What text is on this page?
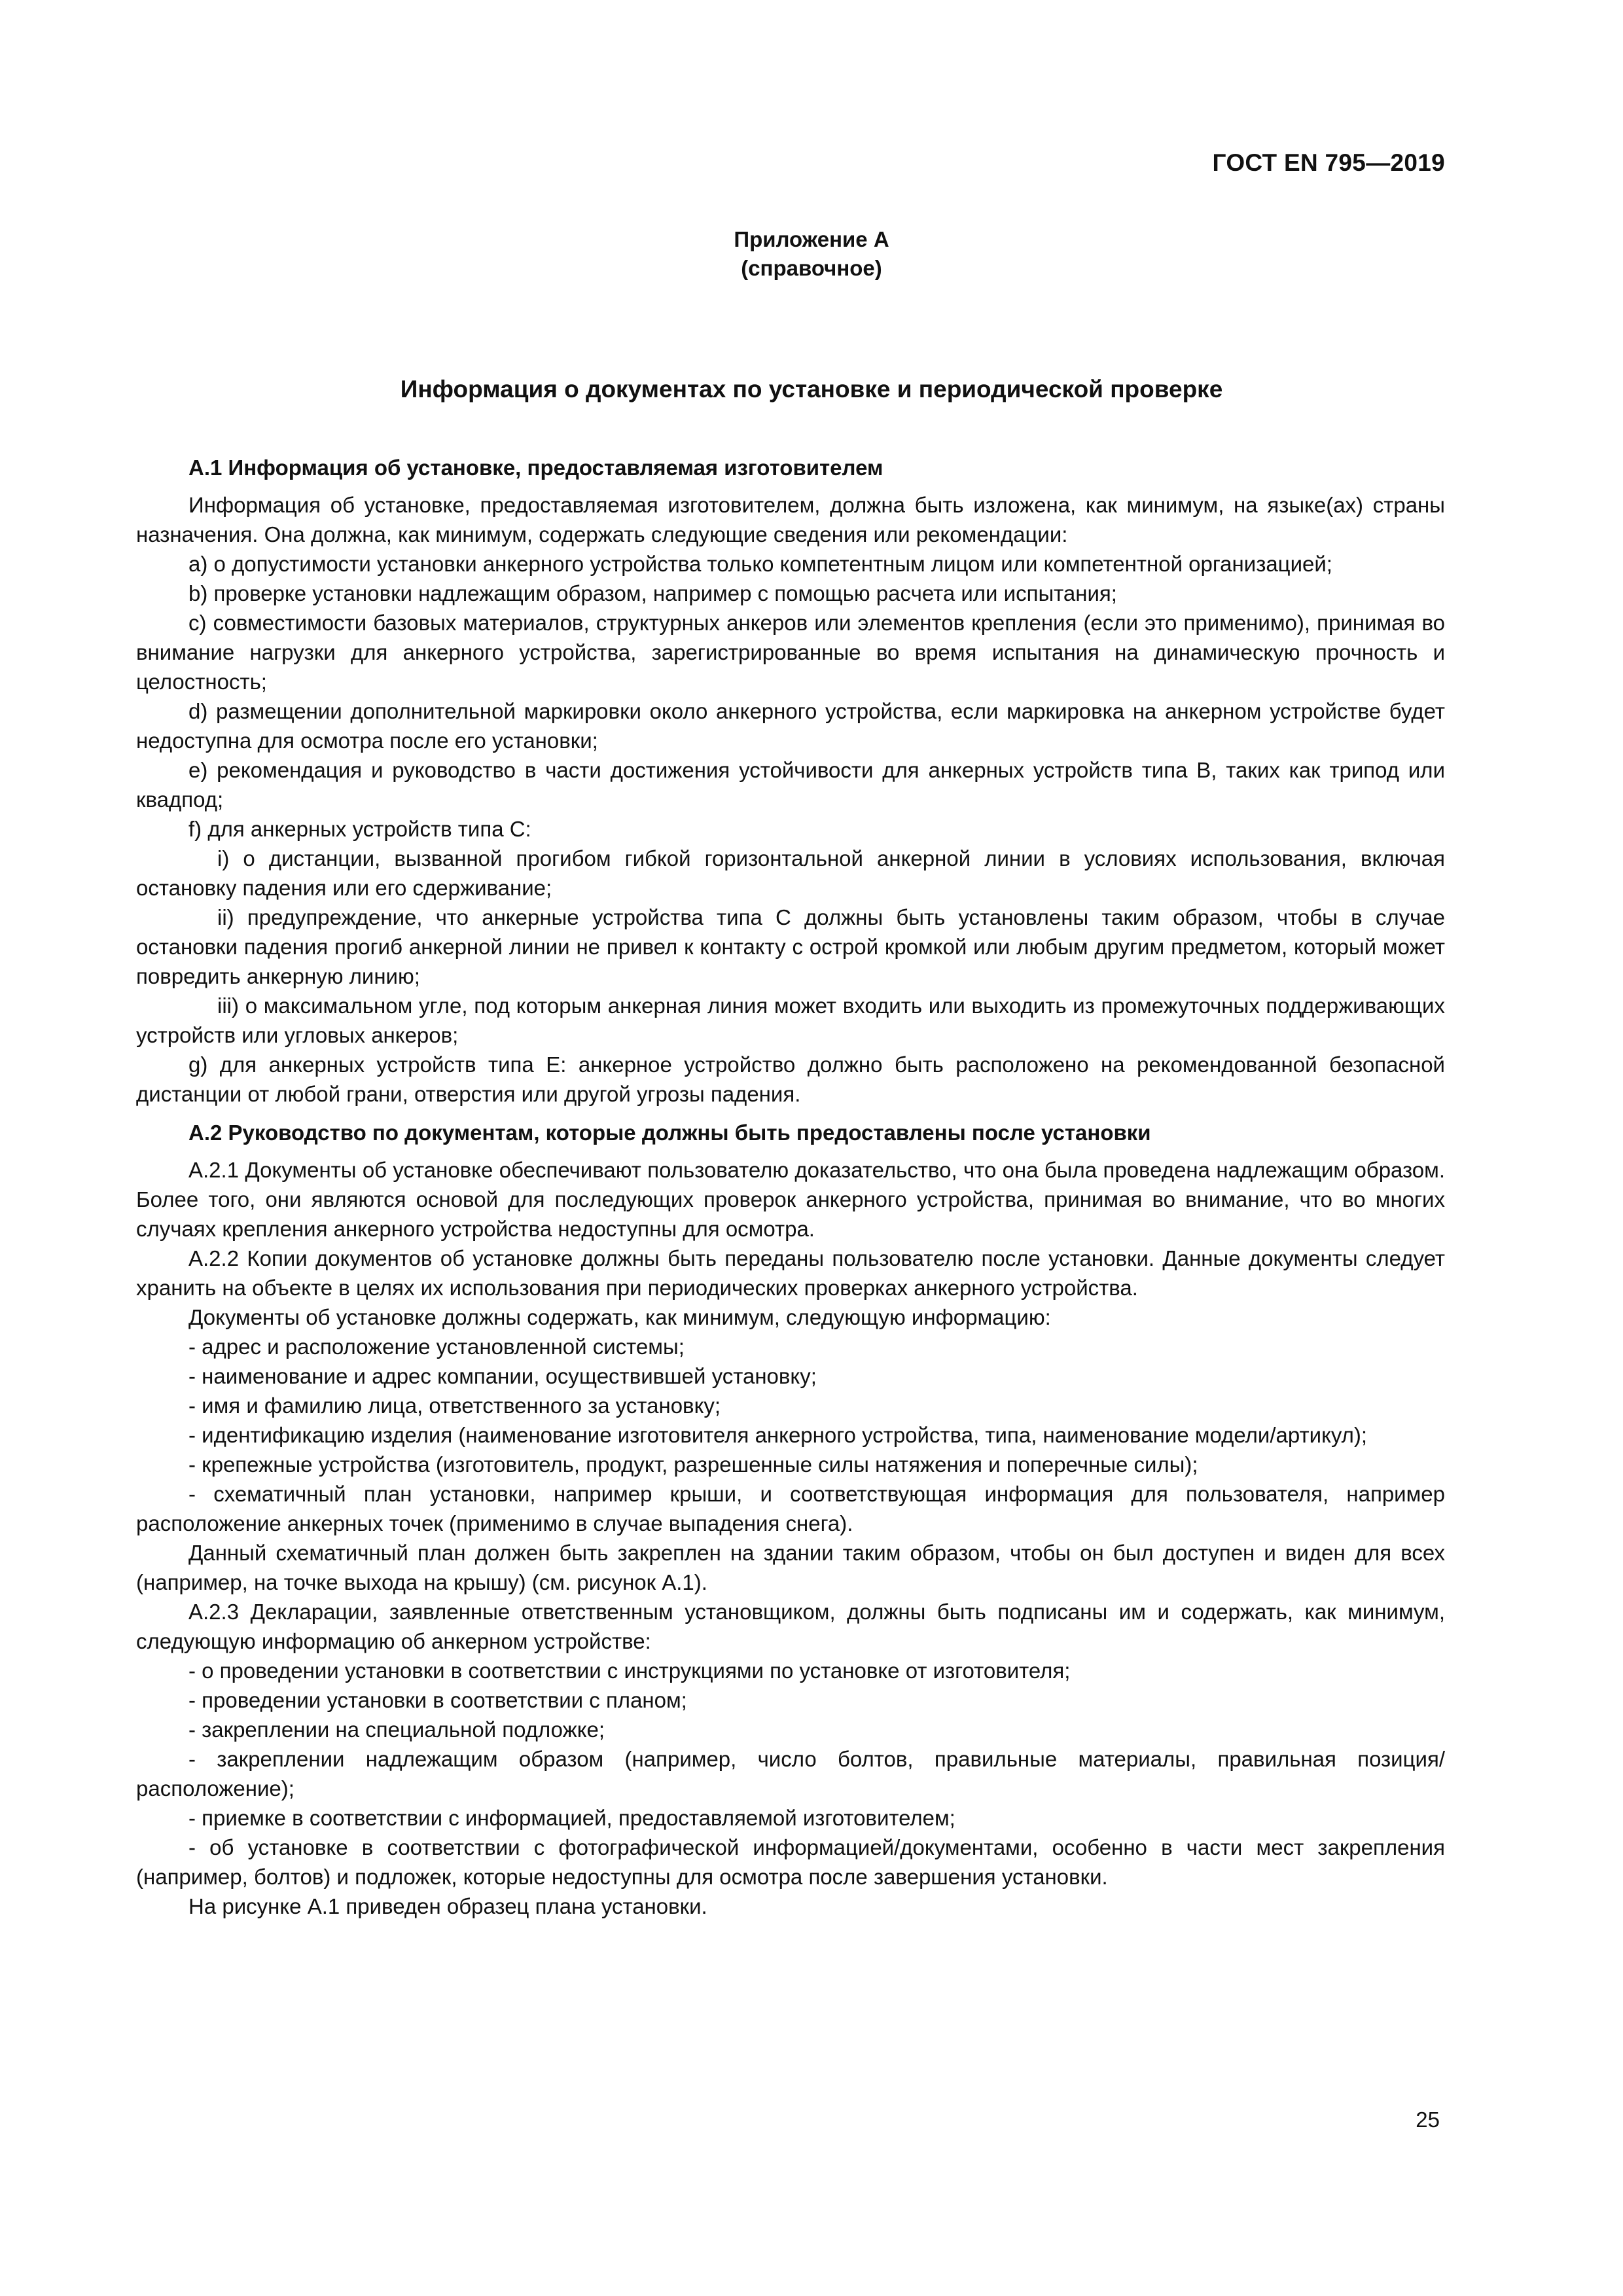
ГОСТ EN 795—2019
Приложение А
(справочное)
Информация о документах по установке и периодической проверке

А.1 Информация об установке, предоставляемая изготовителем

Информация об установке, предоставляемая изготовителем, должна быть изложена, как минимум, на языке(ах) страны назначения. Она должна, как минимум, содержать следующие сведения или рекомендации:

a) о допустимости установки анкерного устройства только компетентным лицом или компетентной организацией;

b) проверке установки надлежащим образом, например с помощью расчета или испытания;

c) совместимости базовых материалов, структурных анкеров или элементов крепления (если это применимо), принимая во внимание нагрузки для анкерного устройства, зарегистрированные во время испытания на динамическую прочность и целостность;

d) размещении дополнительной маркировки около анкерного устройства, если маркировка на анкерном устройстве будет недоступна для осмотра после его установки;

e) рекомендация и руководство в части достижения устойчивости для анкерных устройств типа B, таких как трипод или квадпод;

f) для анкерных устройств типа C:

i) о дистанции, вызванной прогибом гибкой горизонтальной анкерной линии в условиях использования, включая остановку падения или его сдерживание;

ii) предупреждение, что анкерные устройства типа C должны быть установлены таким образом, чтобы в случае остановки падения прогиб анкерной линии не привел к контакту с острой кромкой или любым другим предметом, который может повредить анкерную линию;

iii) о максимальном угле, под которым анкерная линия может входить или выходить из промежуточных поддерживающих устройств или угловых анкеров;

g) для анкерных устройств типа E: анкерное устройство должно быть расположено на рекомендованной безопасной дистанции от любой грани, отверстия или другой угрозы падения.

А.2 Руководство по документам, которые должны быть предоставлены после установки

А.2.1 Документы об установке обеспечивают пользователю доказательство, что она была проведена надлежащим образом. Более того, они являются основой для последующих проверок анкерного устройства, принимая во внимание, что во многих случаях крепления анкерного устройства недоступны для осмотра.

А.2.2 Копии документов об установке должны быть переданы пользователю после установки. Данные документы следует хранить на объекте в целях их использования при периодических проверках анкерного устройства.

Документы об установке должны содержать, как минимум, следующую информацию:

- адрес и расположение установленной системы;

- наименование и адрес компании, осуществившей установку;

- имя и фамилию лица, ответственного за установку;

- идентификацию изделия (наименование изготовителя анкерного устройства, типа, наименование модели/артикул);

- крепежные устройства (изготовитель, продукт, разрешенные силы натяжения и поперечные силы);

- схематичный план установки, например крыши, и соответствующая информация для пользователя, например расположение анкерных точек (применимо в случае выпадения снега).

Данный схематичный план должен быть закреплен на здании таким образом, чтобы он был доступен и виден для всех (например, на точке выхода на крышу) (см. рисунок А.1).

А.2.3 Декларации, заявленные ответственным установщиком, должны быть подписаны им и содержать, как минимум, следующую информацию об анкерном устройстве:

- о проведении установки в соответствии с инструкциями по установке от изготовителя;

- проведении установки в соответствии с планом;

- закреплении на специальной подложке;

- закреплении надлежащим образом (например, число болтов, правильные материалы, правильная позиция/расположение);

- приемке в соответствии с информацией, предоставляемой изготовителем;

- об установке в соответствии с фотографической информацией/документами, особенно в части мест закрепления (например, болтов) и подложек, которые недоступны для осмотра после завершения установки.

На рисунке А.1 приведен образец плана установки.

25
